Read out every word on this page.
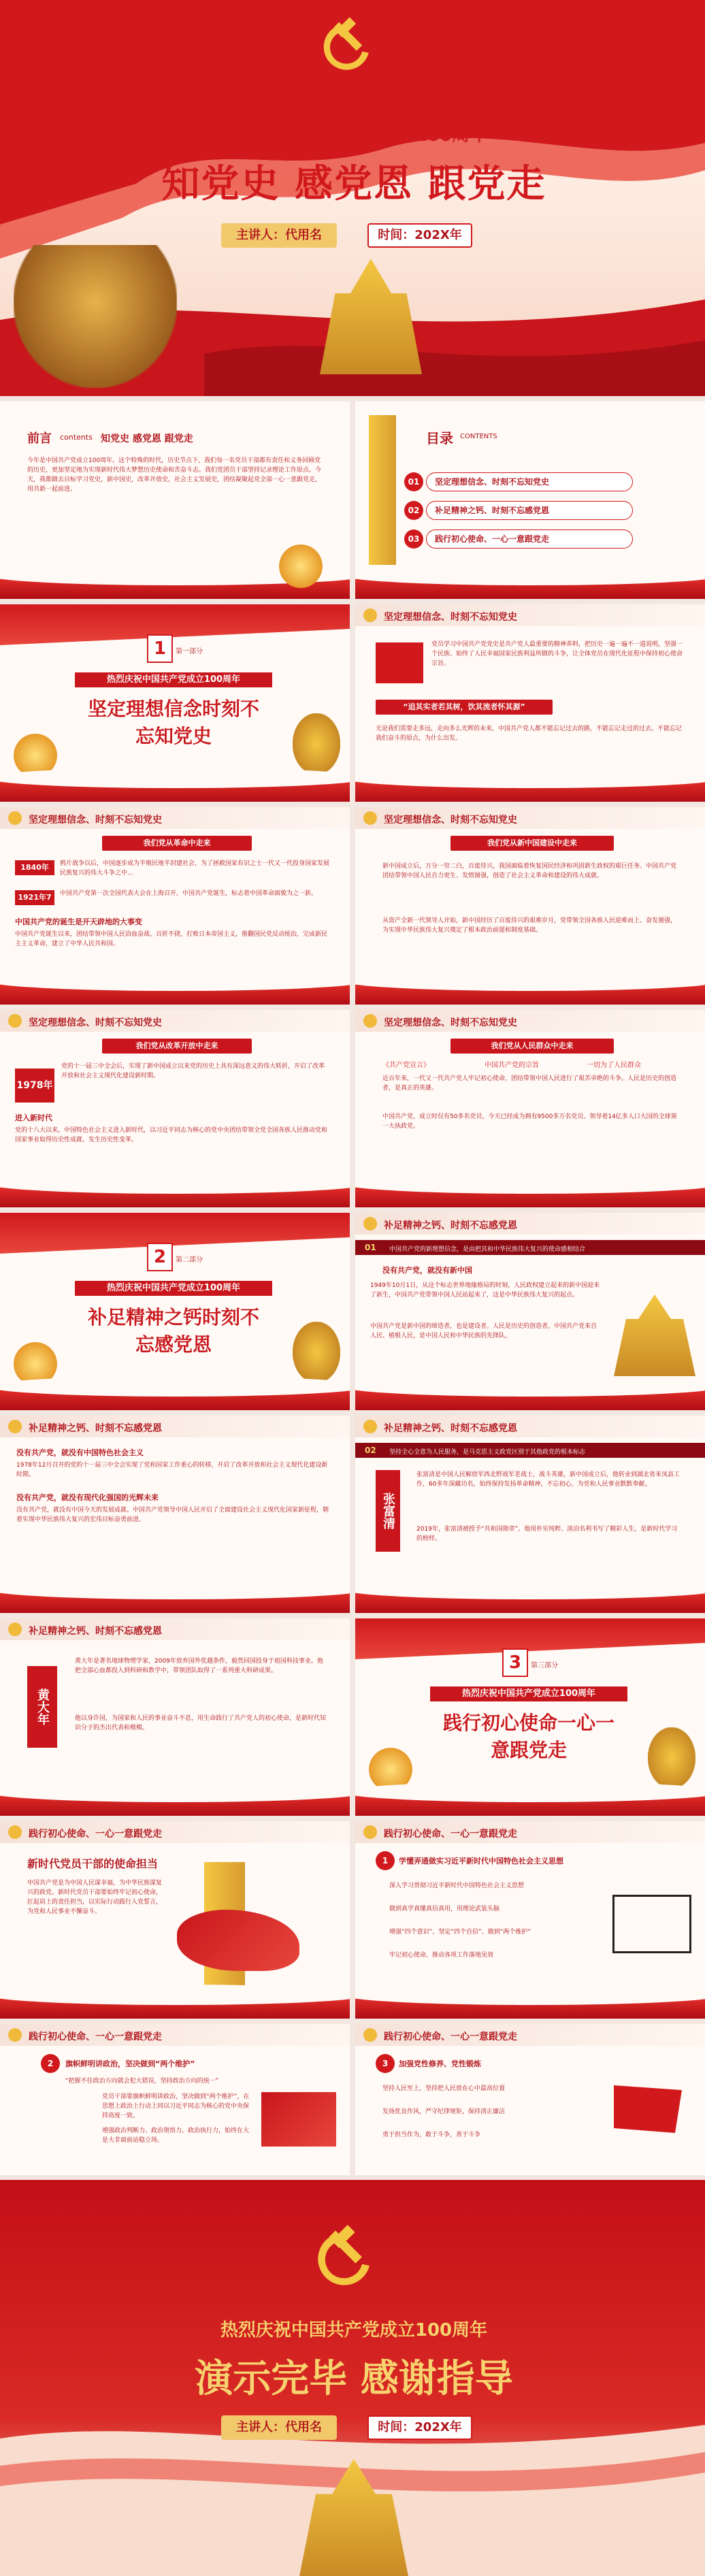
热烈庆祝中国共产党成立100周年
知党史 感党恩 跟党走
主讲人：代用名	时间：202X年
前言 contents 知党史 感党恩 跟党走
今年是中国共产党成立100周年。这个特殊的时代，历史节点下，我们每一名党员干部都有责任和义务回顾党的历史，更加坚定地为实现新时代伟大梦想历史使命和苦奋斗志。我们党团员干部坚持记录理论工作原点。今天，我都做去目标学习党史，新中国史，改革开放史，社会主义发展史，团结凝聚起党全部一心一意跟党走，用共新一起前进。
目录 CONTENTS
01	坚定理想信念、时刻不忘知党史
02	补足精神之钙、时刻不忘感党恩
03	践行初心使命、一心一意跟党走
1	第一部分
热烈庆祝中国共产党成立100周年
坚定理想信念时刻不
忘知党史
坚定理想信念、时刻不忘知党史
党员学习中国共产党党史是共产党人最重要的精神养料，把历史一遍一遍不一道说明，坚强一个民族、始终了人民幸福国家民族利益所做的斗争，让全体党员在现代化征程中保持初心使命宗旨。
“追其实者若其树，饮其流者怀其源”
无论我们需要走多远，走向多么光辉的未来，中国共产党人都不能忘记过去的路，不能忘记走过的过去。不能忘记我们奋斗的原点，为什么出发。
坚定理想信念、时刻不忘知党史
我们党从革命中走来
1840年	鸦片战争以后，中国逐步成为半殖民地半封建社会，为了拯救国家有识之士一代又一代投身国家发展民族复兴的伟大斗争之中...
1921年7月
中国共产党第一次全国代表大会在上海召开，中国共产党诞生，标志着中国革命面貌为之一新。
中国共产党的诞生是开天辟地的大事变
中国共产党诞生以来，团结带领中国人民浴血奋战、百折不挠，打败日本帝国主义，推翻国民党反动统治，完成新民主主义革命，建立了中华人民共和国。
坚定理想信念、时刻不忘知党史
我们党从新中国建设中走来
新中国成立后，万分一穷二白，百废待兴，我国面临着恢复国民经济和巩固新生政权的艰巨任务。中国共产党团结带领中国人民自力更生、发愤图强，创造了社会主义革命和建设的伟大成就。
从资产全新一代领导人开始，新中国经历了百废待兴的艰难岁月，党带领全国各族人民迎难而上、奋发图强，为实现中华民族伟大复兴奠定了根本政治前提和制度基础。
坚定理想信念、时刻不忘知党史
我们党从改革开放中走来
1978年
党的十一届三中全会后，实现了新中国成立以来党的历史上具有深远意义的伟大转折，开启了改革开放和社会主义现代化建设新时期。
进入新时代
党的十八大以来，中国特色社会主义进入新时代，以习近平同志为核心的党中央团结带领全党全国各族人民推动党和国家事业取得历史性成就、发生历史性变革。
坚定理想信念、时刻不忘知党史
我们党从人民群众中走来
《共产党宣言》	中国共产党的宗旨	一切为了人民群众
近百年来，一代又一代共产党人牢记初心使命，团结带领中国人民进行了艰苦卓绝的斗争。人民是历史的创造者，是真正的英雄。
中国共产党，成立时仅有50多名党员，今天已经成为拥有9500多万名党员、领导着14亿多人口大国的全球第一大执政党。
2	第二部分
热烈庆祝中国共产党成立100周年
补足精神之钙时刻不
忘感党恩
补足精神之钙、时刻不忘感党恩
01 中国共产党的新理想信念，是由把其和中华民族伟大复兴的使命感相结合
没有共产党，就没有新中国
1949年10月1日，从这个标志世界地缘格局的时刻，人民政权建立起来的新中国迎来了新生，中国共产党带领中国人民站起来了，这是中华民族伟大复兴的起点。
中国共产党是新中国的缔造者，也是建设者。人民是历史的创造者，中国共产党来自人民、植根人民，是中国人民和中华民族的先锋队。
补足精神之钙、时刻不忘感党恩
没有共产党，就没有中国特色社会主义
1978年12月召开的党的十一届三中全会实现了党和国家工作重心的转移，开启了改革开放和社会主义现代化建设新时期。
没有共产党，就没有现代化强国的光辉未来
没有共产党，就没有中国今天的发展成就。中国共产党领导中国人民开启了全面建设社会主义现代化国家新征程，朝着实现中华民族伟大复兴的宏伟目标奋勇前进。
补足精神之钙、时刻不忘感党恩
02 坚持全心全意为人民服务，是马克思主义政党区别于其他政党的根本标志
张富清
张富清是中国人民解放军西北野战军老战士，战斗英雄，新中国成立后，他转业到湖北省来凤县工作，60多年深藏功名，始终保持发扬革命精神，不忘初心，为党和人民事业默默奉献。
2019年，张富清被授予“共和国勋章”。他用朴实纯粹、淡泊名利书写了精彩人生，是新时代学习的榜样。
补足精神之钙、时刻不忘感党恩
黄大年
黄大年是著名地球物理学家，2009年放弃国外优越条件，毅然回国投身于祖国科技事业。他把全部心血都投入到科研和教学中，带领团队取得了一系列重大科研成果。
他以身许国，为国家和人民的事业奋斗不息，用生命践行了共产党人的初心使命，是新时代知识分子的杰出代表和楷模。
3	第三部分
热烈庆祝中国共产党成立100周年
践行初心使命一心一
意跟党走
践行初心使命、一心一意跟党走
新时代党员干部的使命担当
中国共产党是为中国人民谋幸福，为中华民族谋复兴的政党。新时代党员干部要始终牢记初心使命，扛起肩上的责任担当，以实际行动践行入党誓言，为党和人民事业不懈奋斗。
践行初心使命、一心一意跟党走
1	学懂弄通做实习近平新时代中国特色社会主义思想
深入学习贯彻习近平新时代中国特色社会主义思想
做到真学真懂真信真用，用理论武装头脑
增强“四个意识”、坚定“四个自信”、做到“两个维护”
牢记初心使命，推动各项工作落地见效
践行初心使命、一心一意跟党走
2	旗帜鲜明讲政治，坚决做到“两个维护”
“把握不住政治方向就会犯大错误，坚持政治方向的统一”
党员干部要旗帜鲜明讲政治，坚决做到“两个维护”，在思想上政治上行动上同以习近平同志为核心的党中央保持高度一致。
增强政治判断力、政治领悟力、政治执行力，始终在大是大非面前站稳立场。
践行初心使命、一心一意跟党走
3	加强党性修养、党性锻炼
坚持人民至上，坚持把人民放在心中最高位置
发扬优良作风，严守纪律规矩，保持清正廉洁
勇于担当作为，敢于斗争，善于斗争
热烈庆祝中国共产党成立100周年
演示完毕 感谢指导
主讲人：代用名	时间：202X年
